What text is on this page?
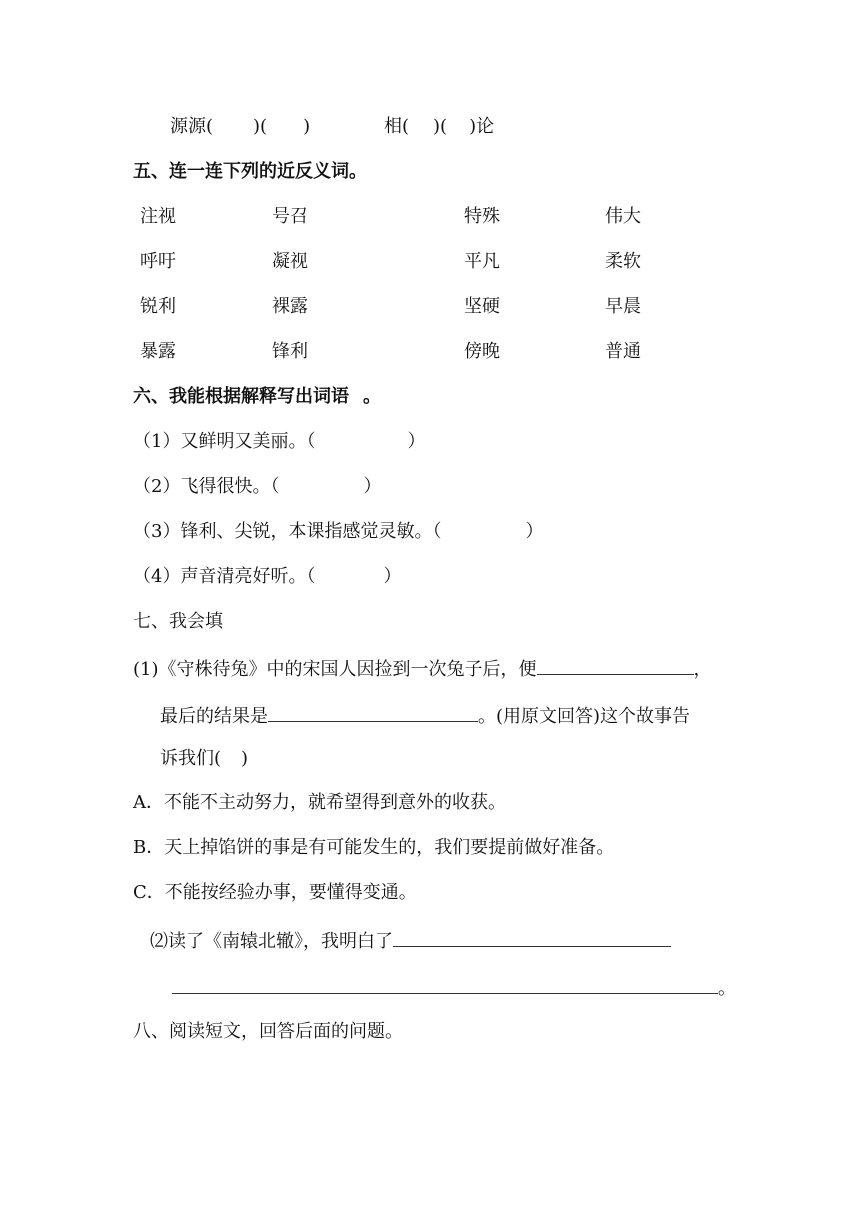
源源( )( )	相( )( )论
五、连一连下列的近反义词。
注视	号召	特殊	伟大
呼吁	凝视	平凡	柔软
锐利	裸露	坚硬	早晨
暴露	锋利	傍晚	普通
六、我能根据解释写出词语 。
（1）又鲜明又美丽。（	）
（2）飞得很快。（	）
（3）锋利、尖锐，本课指感觉灵敏。（	）
（4）声音清亮好听。（	）
七、我会填
(1)《守株待兔》中的宋国人因捡到一次兔子后，便	，
最后的结果是	。(用原文回答)这个故事告
诉我们( )
A．不能不主动努力，就希望得到意外的收获。
B．天上掉馅饼的事是有可能发生的，我们要提前做好准备。
C．不能按经验办事，要懂得变通。
⑵读了《南辕北辙》，我明白了
。
八、阅读短文，回答后面的问题。
